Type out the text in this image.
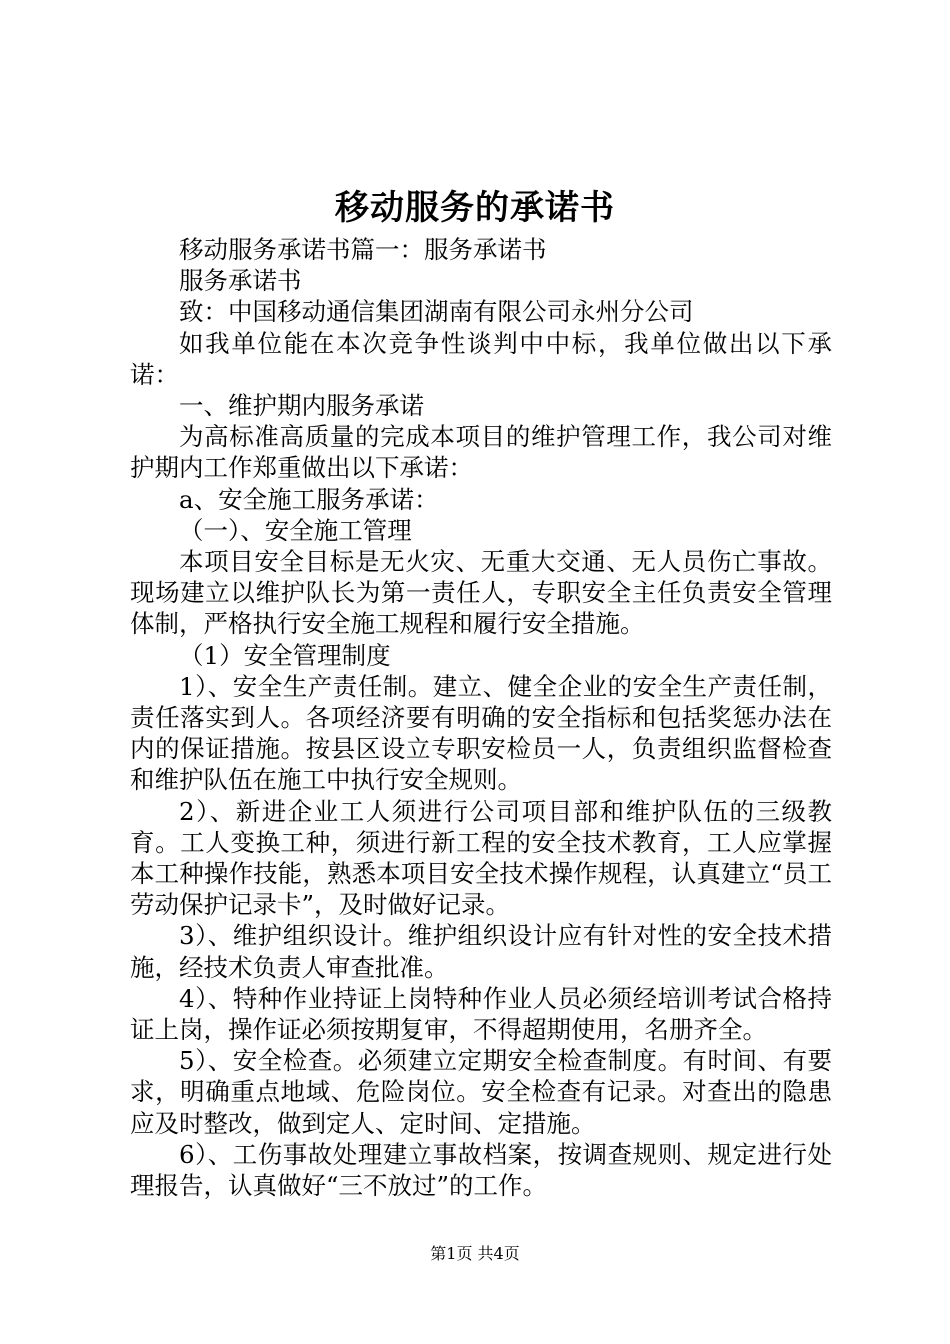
移动服务的承诺书

移动服务承诺书篇一：服务承诺书

服务承诺书

致：中国移动通信集团湖南有限公司永州分公司

如我单位能在本次竞争性谈判中中标，我单位做出以下承诺：

一、维护期内服务承诺

为高标准高质量的完成本项目的维护管理工作，我公司对维护期内工作郑重做出以下承诺：

a、安全施工服务承诺：

（一）、安全施工管理

本项目安全目标是无火灾、无重大交通、无人员伤亡事故。现场建立以维护队长为第一责任人，专职安全主任负责安全管理体制，严格执行安全施工规程和履行安全措施。

（1）安全管理制度

1）、安全生产责任制。建立、健全企业的安全生产责任制，责任落实到人。各项经济要有明确的安全指标和包括奖惩办法在内的保证措施。按县区设立专职安检员一人，负责组织监督检查和维护队伍在施工中执行安全规则。

2）、新进企业工人须进行公司项目部和维护队伍的三级教育。工人变换工种，须进行新工程的安全技术教育，工人应掌握本工种操作技能，熟悉本项目安全技术操作规程，认真建立“员工劳动保护记录卡”，及时做好记录。

3）、维护组织设计。维护组织设计应有针对性的安全技术措施，经技术负责人审查批准。

4）、特种作业持证上岗特种作业人员必须经培训考试合格持证上岗，操作证必须按期复审，不得超期使用，名册齐全。

5）、安全检查。必须建立定期安全检查制度。有时间、有要求，明确重点地域、危险岗位。安全检查有记录。对查出的隐患应及时整改，做到定人、定时间、定措施。

6）、工伤事故处理建立事故档案，按调查规则、规定进行处理报告，认真做好“三不放过”的工作。

第1页 共4页
